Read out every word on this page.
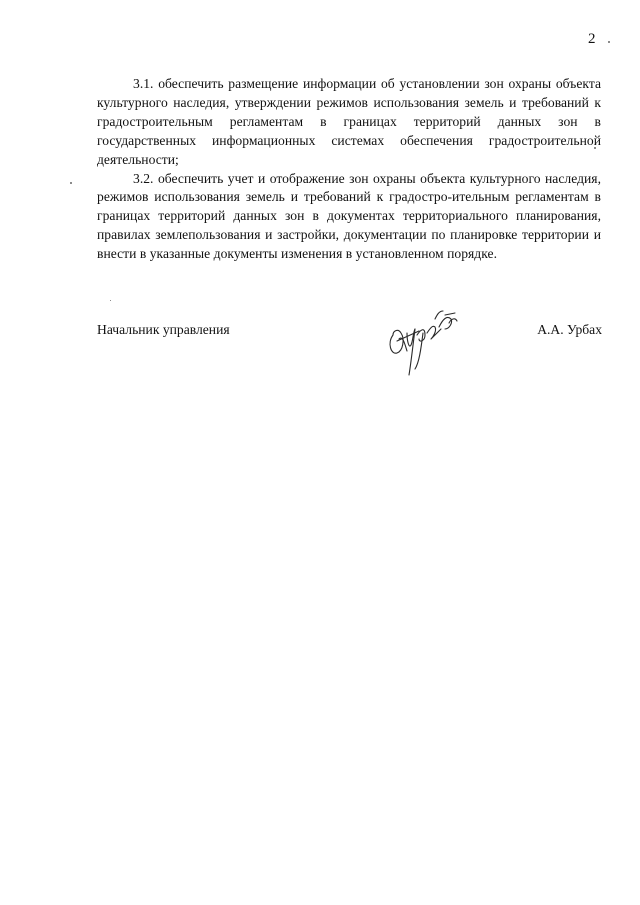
2

3.1. обеспечить размещение информации об установлении зон охраны объекта культурного наследия, утверждении режимов использования земель и требований к градостроительным регламентам в границах территорий данных зон в государственных информационных системах обеспечения градостроительной деятельности;

3.2. обеспечить учет и отображение зон охраны объекта культурного наследия, режимов использования земель и требований к градостро-ительным регламентам в границах территорий данных зон в документах территориального планирования, правилах землепользования и застройки, документации по планировке территории и внести в указанные документы изменения в установленном порядке.

Начальник управления	А.А. Урбах
